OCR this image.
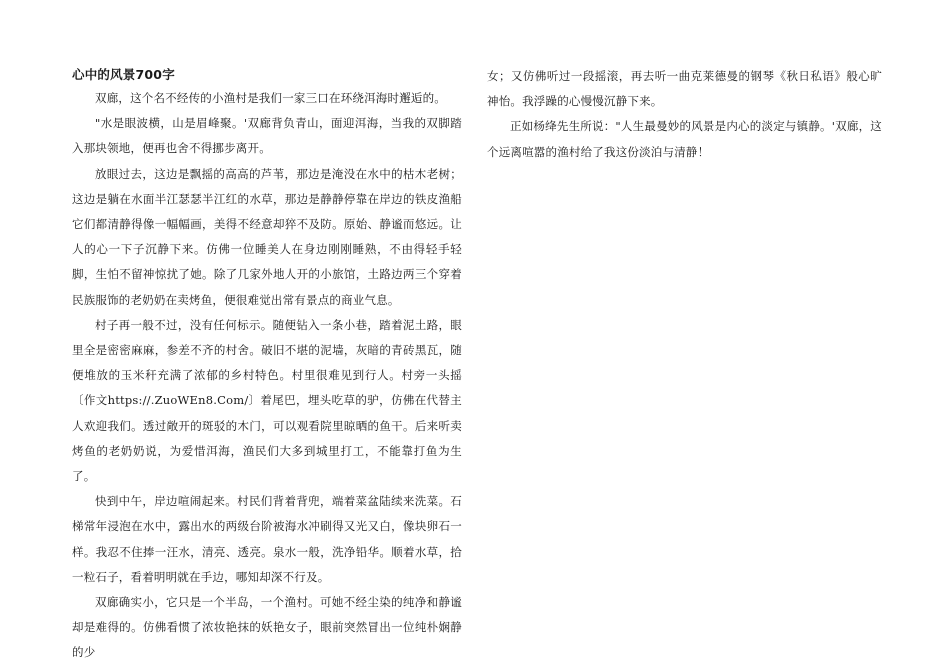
心中的风景700字

双廊，这个名不经传的小渔村是我们一家三口在环绕洱海时邂逅的。

"水是眼波横，山是眉峰聚。'双廊背负青山，面迎洱海，当我的双脚踏入那块领地，便再也舍不得挪步离开。

放眼过去，这边是飘摇的高高的芦苇，那边是淹没在水中的枯木老树；这边是躺在水面半江瑟瑟半江红的水草，那边是静静停靠在岸边的铁皮渔船它们都清静得像一幅幅画，美得不经意却猝不及防。原始、静谧而悠远。让人的心一下子沉静下来。仿佛一位睡美人在身边刚刚睡熟，不由得轻手轻脚，生怕不留神惊扰了她。除了几家外地人开的小旅馆，土路边两三个穿着民族服饰的老奶奶在卖烤鱼，便很难觉出常有景点的商业气息。

村子再一般不过，没有任何标示。随便钻入一条小巷，踏着泥土路，眼里全是密密麻麻，参差不齐的村舍。破旧不堪的泥墙，灰暗的青砖黑瓦，随便堆放的玉米秆充满了浓郁的乡村特色。村里很难见到行人。村旁一头摇〔作文https://.ZuoWEn8.Com/〕着尾巴，埋头吃草的驴，仿佛在代替主人欢迎我们。透过敞开的斑驳的木门，可以观看院里晾晒的鱼干。后来听卖烤鱼的老奶奶说，为爱惜洱海，渔民们大多到城里打工，不能靠打鱼为生了。

快到中午，岸边喧闹起来。村民们背着背兜，端着菜盆陆续来洗菜。石梯常年浸泡在水中，露出水的两级台阶被海水冲刷得又光又白，像块卵石一样。我忍不住捧一汪水，清亮、透亮。泉水一般，洗净铅华。顺着水草，拾一粒石子，看着明明就在手边，哪知却深不行及。

双廊确实小，它只是一个半岛，一个渔村。可她不经尘染的纯净和静谧却是难得的。仿佛看惯了浓妆艳抹的妖艳女子，眼前突然冒出一位纯朴娴静的少

女；又仿佛听过一段摇滚，再去听一曲克莱德曼的钢琴《秋日私语》般心旷神怡。我浮躁的心慢慢沉静下来。

正如杨绛先生所说："人生最曼妙的风景是内心的淡定与镇静。'双廊，这个远离喧嚣的渔村给了我这份淡泊与清静！
